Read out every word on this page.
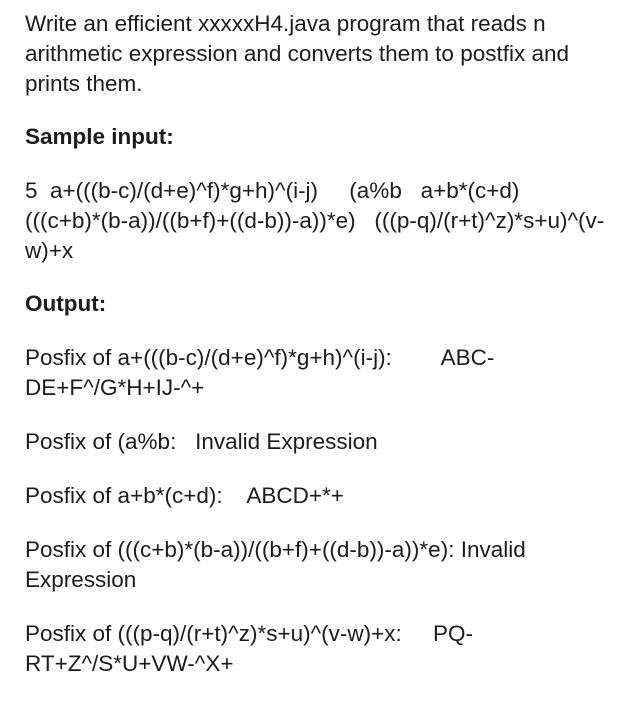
Write an efficient xxxxxH4.java program that reads n arithmetic expression and converts them to postfix and prints them.

Sample input:

5  a+(((b-c)/(d+e)^f)*g+h)^(i-j)     (a%b   a+b*(c+d)   (((c+b)*(b-a))/((b+f)+((d-b))-a))*e)   (((p-q)/(r+t)^z)*s+u)^(v-w)+x

Output:

Posfix of a+(((b-c)/(d+e)^f)*g+h)^(i-j): ABC-DE+F^/G*H+IJ-^+
Posfix of (a%b: Invalid Expression
Posfix of a+b*(c+d): ABCD+*+
Posfix of (((c+b)*(b-a))/((b+f)+((d-b))-a))*e): Invalid Expression
Posfix of (((p-q)/(r+t)^z)*s+u)^(v-w)+x: PQ-RT+Z^/S*U+VW-^X+
